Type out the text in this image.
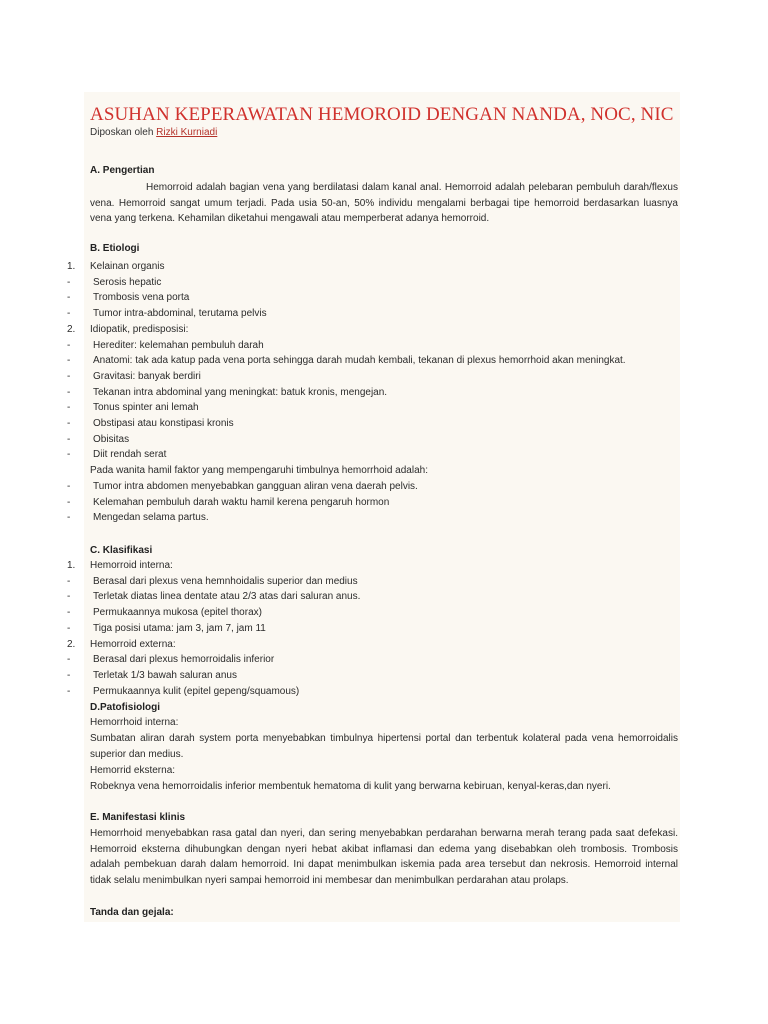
ASUHAN KEPERAWATAN HEMOROID DENGAN NANDA, NOC, NIC
Diposkan oleh Rizki Kurniadi
A. Pengertian
Hemorroid adalah bagian vena yang berdilatasi dalam kanal anal. Hemorroid adalah pelebaran pembuluh darah/flexus vena. Hemorroid sangat umum terjadi. Pada usia 50-an, 50% individu mengalami berbagai tipe hemorroid berdasarkan luasnya vena yang terkena. Kehamilan diketahui mengawali atau memperberat adanya hemorroid.
B. Etiologi
1. Kelainan organis
- Serosis hepatic
- Trombosis vena porta
- Tumor intra-abdominal, terutama pelvis
2. Idiopatik, predisposisi:
- Herediter: kelemahan pembuluh darah
- Anatomi: tak ada katup pada vena porta sehingga darah mudah kembali, tekanan di plexus hemorrhoid akan meningkat.
- Gravitasi: banyak berdiri
- Tekanan intra abdominal yang meningkat: batuk kronis, mengejan.
- Tonus spinter ani lemah
- Obstipasi atau konstipasi kronis
- Obisitas
- Diit rendah serat
Pada wanita hamil faktor yang mempengaruhi timbulnya hemorrhoid adalah:
- Tumor intra abdomen menyebabkan gangguan aliran vena daerah pelvis.
- Kelemahan pembuluh darah waktu hamil kerena pengaruh hormon
- Mengedan selama partus.
C. Klasifikasi
1. Hemorroid interna:
- Berasal dari plexus vena hemnhoidalis superior dan medius
- Terletak diatas linea dentate atau 2/3 atas dari saluran anus.
- Permukaannya mukosa (epitel thorax)
- Tiga posisi utama: jam 3, jam 7, jam 11
2. Hemorroid externa:
- Berasal dari plexus hemorroidalis inferior
- Terletak 1/3 bawah saluran anus
- Permukaannya kulit (epitel gepeng/squamous)
D.Patofisiologi
Hemorrhoid interna:
Sumbatan aliran darah system porta menyebabkan timbulnya hipertensi portal dan terbentuk kolateral pada vena hemorroidalis superior dan medius.
Hemorrid eksterna:
Robeknya vena hemorroidalis inferior membentuk hematoma di kulit yang berwarna kebiruan, kenyal-keras,dan nyeri.
E. Manifestasi klinis
Hemorrhoid menyebabkan rasa gatal dan nyeri, dan sering menyebabkan perdarahan berwarna merah terang pada saat defekasi. Hemorroid eksterna dihubungkan dengan nyeri hebat akibat inflamasi dan edema yang disebabkan oleh trombosis. Trombosis adalah pembekuan darah dalam hemorroid. Ini dapat menimbulkan iskemia pada area tersebut dan nekrosis. Hemorroid internal tidak selalu menimbulkan nyeri sampai hemorroid ini membesar dan menimbulkan perdarahan atau prolaps.
Tanda dan gejala:
